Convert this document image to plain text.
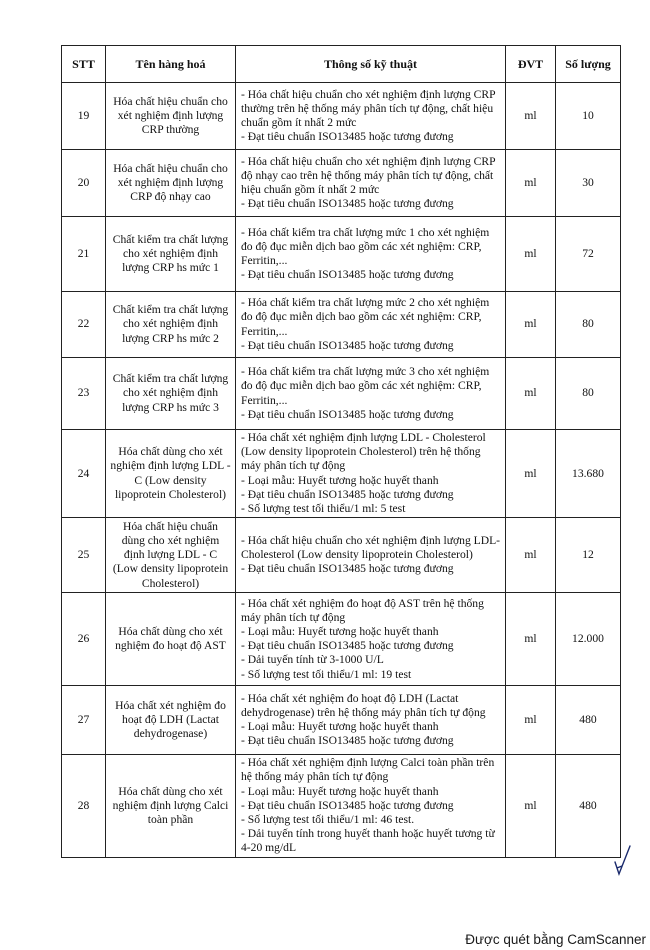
STT	Tên hàng hoá	Thông số kỹ thuật	ĐVT	Số lượng
19	Hóa chất hiệu chuẩn cho xét nghiệm định lượng CRP thường	- Hóa chất hiệu chuẩn cho xét nghiệm định lượng CRP thường trên hệ thống máy phân tích tự động, chất hiệu chuẩn gồm ít nhất 2 mức
- Đạt tiêu chuẩn ISO13485 hoặc tương đương	ml	10
20	Hóa chất hiệu chuẩn cho xét nghiệm định lượng CRP độ nhạy cao	- Hóa chất hiệu chuẩn cho xét nghiệm định lượng CRP độ nhạy cao trên hệ thống máy phân tích tự động, chất hiệu chuẩn gồm ít nhất 2 mức
- Đạt tiêu chuẩn ISO13485 hoặc tương đương	ml	30
21	Chất kiểm tra chất lượng cho xét nghiệm định lượng CRP hs mức 1	- Hóa chất kiểm tra chất lượng mức 1 cho xét nghiệm đo độ đục miễn dịch bao gồm các xét nghiệm: CRP, Ferritin,...
- Đạt tiêu chuẩn ISO13485 hoặc tương đương	ml	72
22	Chất kiểm tra chất lượng cho xét nghiệm định lượng CRP hs mức 2	- Hóa chất kiểm tra chất lượng mức 2 cho xét nghiệm đo độ đục miễn dịch bao gồm các xét nghiệm: CRP, Ferritin,...
- Đạt tiêu chuẩn ISO13485 hoặc tương đương	ml	80
23	Chất kiểm tra chất lượng cho xét nghiệm định lượng CRP hs mức 3	- Hóa chất kiểm tra chất lượng mức 3 cho xét nghiệm đo độ đục miễn dịch bao gồm các xét nghiệm: CRP, Ferritin,...
- Đạt tiêu chuẩn ISO13485 hoặc tương đương	ml	80
24	Hóa chất dùng cho xét nghiệm định lượng LDL - C (Low density lipoprotein Cholesterol)	- Hóa chất xét nghiệm định lượng LDL - Cholesterol (Low density lipoprotein Cholesterol) trên hệ thống máy phân tích tự động
- Loại mẫu: Huyết tương hoặc huyết thanh
- Đạt tiêu chuẩn ISO13485 hoặc tương đương
- Số lượng test tối thiểu/1 ml: 5 test	ml	13.680
25	Hóa chất hiệu chuẩn dùng cho xét nghiệm định lượng LDL - C (Low density lipoprotein Cholesterol)	- Hóa chất hiệu chuẩn cho xét nghiệm định lượng LDL-Cholesterol (Low density lipoprotein Cholesterol)
- Đạt tiêu chuẩn ISO13485 hoặc tương đương	ml	12
26	Hóa chất dùng cho xét nghiệm đo hoạt độ AST	- Hóa chất xét nghiệm đo hoạt độ AST trên hệ thống máy phân tích tự động
- Loại mẫu: Huyết tương hoặc huyết thanh
- Đạt tiêu chuẩn ISO13485 hoặc tương đương
- Dải tuyến tính từ 3-1000 U/L
- Số lượng test tối thiểu/1 ml: 19 test	ml	12.000
27	Hóa chất xét nghiệm đo hoạt độ LDH (Lactat dehydrogenase)	- Hóa chất xét nghiệm đo hoạt độ LDH (Lactat dehydrogenase) trên hệ thống máy phân tích tự động
- Loại mẫu: Huyết tương hoặc huyết thanh
- Đạt tiêu chuẩn ISO13485 hoặc tương đương	ml	480
28	Hóa chất dùng cho xét nghiệm định lượng Calci toàn phần	- Hóa chất xét nghiệm định lượng Calci toàn phần trên hệ thống máy phân tích tự động
- Loại mẫu: Huyết tương hoặc huyết thanh
- Đạt tiêu chuẩn ISO13485 hoặc tương đương
- Số lượng test tối thiểu/1 ml: 46 test.
- Dải tuyến tính trong huyết thanh hoặc huyết tương từ 4-20 mg/dL	ml	480
Được quét bằng CamScanner
